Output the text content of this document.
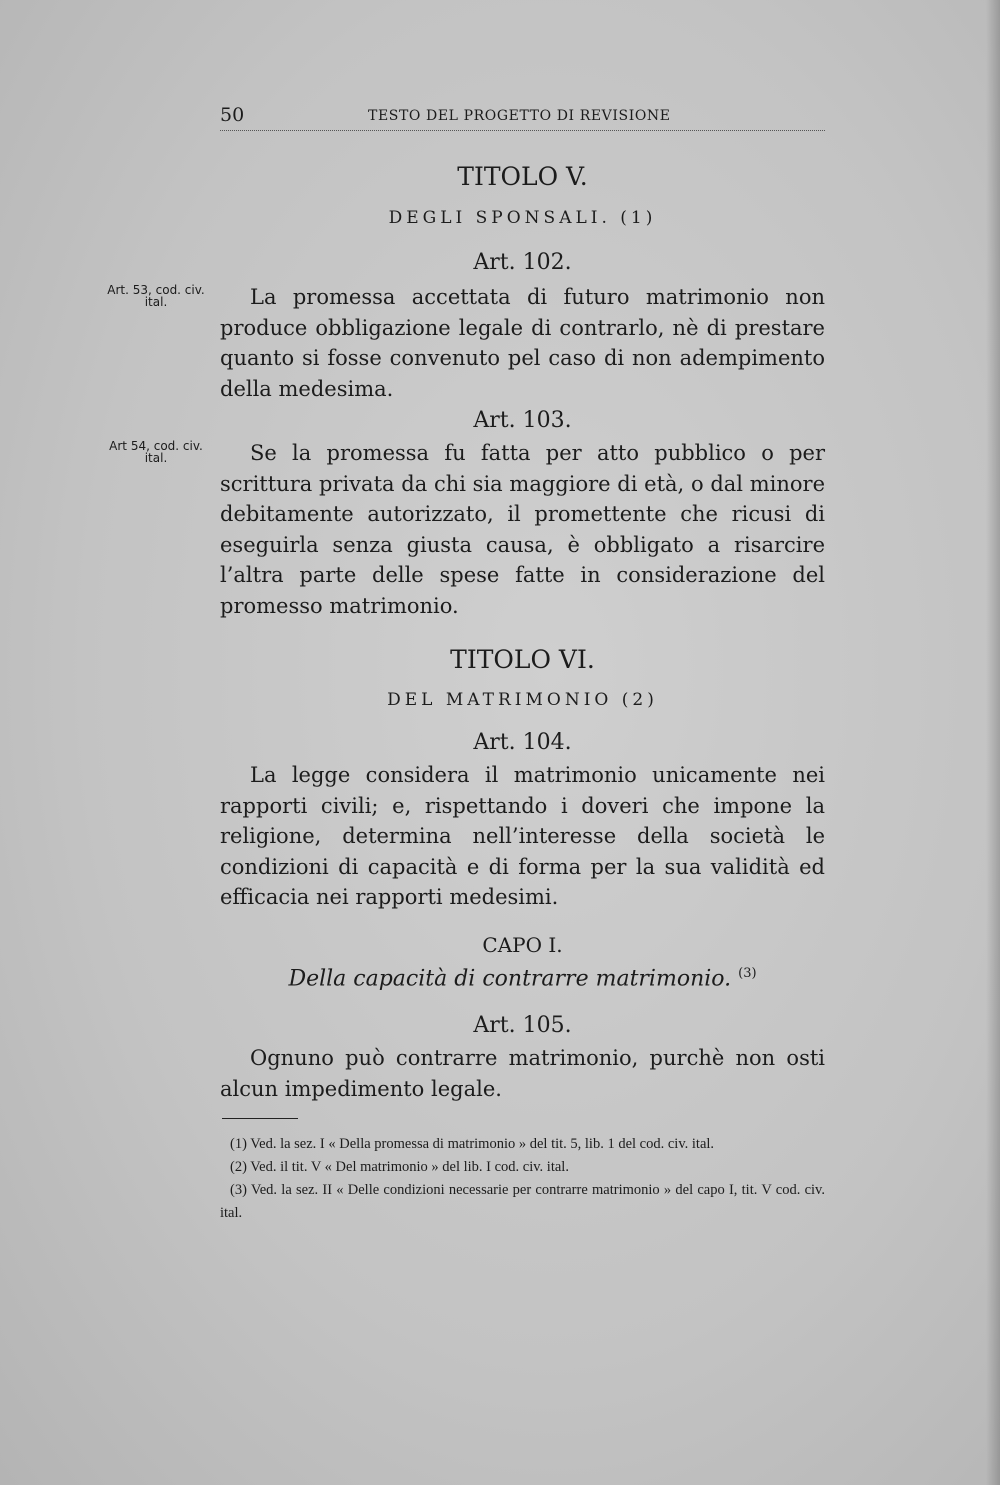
50	TESTO DEL PROGETTO DI REVISIONE
TITOLO V.
DEGLI SPONSALI. (1)
Art. 102.
Art. 53, cod. civ. ital.	La promessa accettata di futuro matrimonio non produce obbligazione legale di contrarlo, nè di prestare quanto si fosse convenuto pel caso di non adempimento della medesima.

Art. 103.
Art 54, cod. civ. ital.	Se la promessa fu fatta per atto pubblico o per scrittura privata da chi sia maggiore di età, o dal minore debitamente autorizzato, il promettente che ricusi di eseguirla senza giusta causa, è obbligato a risarcire l’altra parte delle spese fatte in considerazione del promesso matrimonio.

TITOLO VI.
DEL MATRIMONIO (2)
Art. 104.

La legge considera il matrimonio unicamente nei rapporti civili; e, rispettando i doveri che impone la religione, determina nell’interesse della società le condizioni di capacità e di forma per la sua validità ed efficacia nei rapporti medesimi.

CAPO I.
Della capacità di contrarre matrimonio. $^{(3)}$
Art. 105.

Ognuno può contrarre matrimonio, purchè non osti alcun impedimento legale.

(1) Ved. la sez. I « Della promessa di matrimonio » del tit. 5, lib. 1 del cod. civ. ital.

(2) Ved. il tit. V « Del matrimonio » del lib. I cod. civ. ital.

(3) Ved. la sez. II « Delle condizioni necessarie per contrarre matrimonio » del capo I, tit. V cod. civ. ital.
